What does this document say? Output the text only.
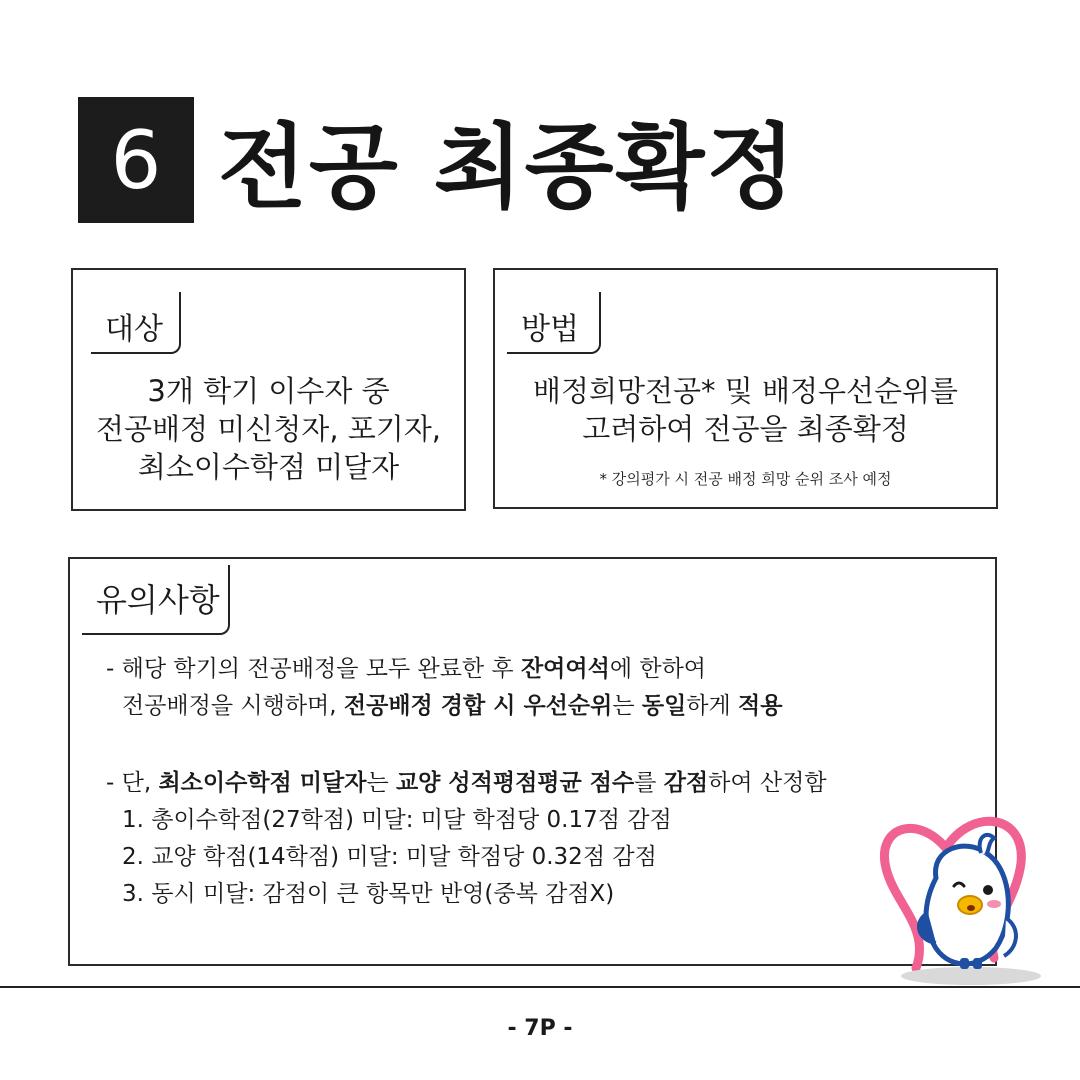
6 전공 최종확정
대상
3개 학기 이수자 중
전공배정 미신청자, 포기자,
최소이수학점 미달자
방법
배정희망전공* 및 배정우선순위를
고려하여 전공을 최종확정
* 강의평가 시 전공 배정 희망 순위 조사 예정
유의사항
- 해당 학기의 전공배정을 모두 완료한 후 잔여여석에 한하여
전공배정을 시행하며, 전공배정 경합 시 우선순위는 동일하게 적용
- 단, 최소이수학점 미달자는 교양 성적평점평균 점수를 감점하여 산정함
1. 총이수학점(27학점) 미달: 미달 학점당 0.17점 감점
2. 교양 학점(14학점) 미달: 미달 학점당 0.32점 감점
3. 동시 미달: 감점이 큰 항목만 반영(중복 감점X)
- 7P -
